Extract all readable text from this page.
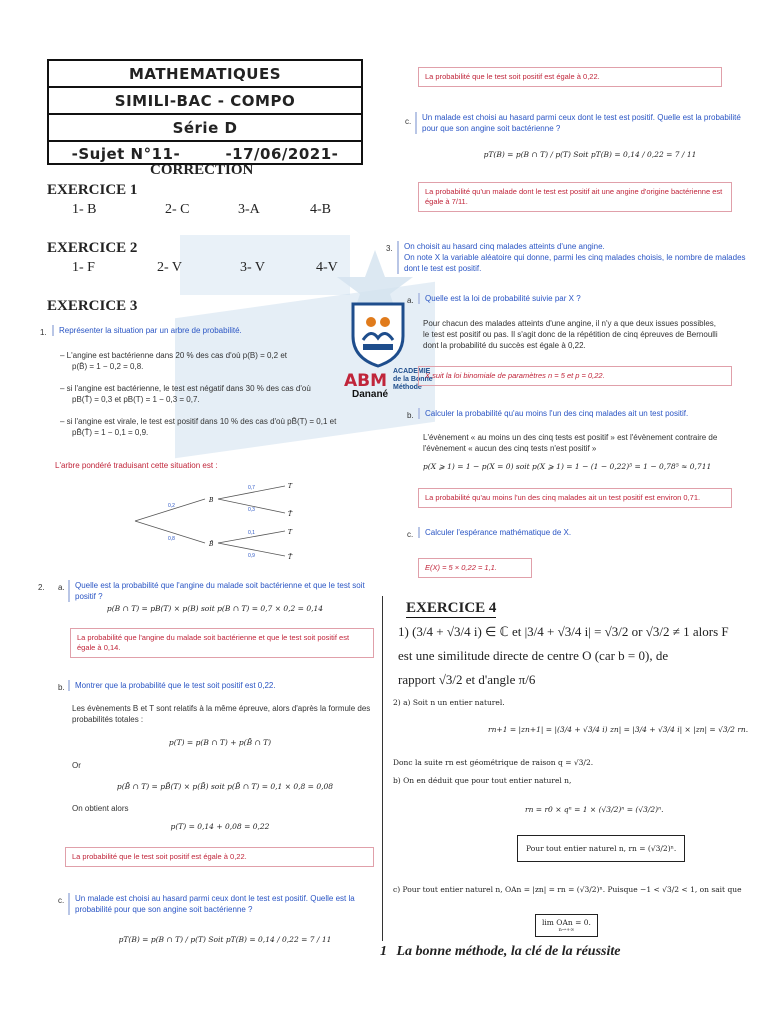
MATHEMATIQUES
SIMILI-BAC - COMPO
Série D
-Sujet N°11-	-17/06/2021-
CORRECTION
EXERCICE 1
1- B	2- C	3-A	4-B
EXERCICE 2
1- F	2- V	3- V	4-V
EXERCICE 3
1.	Représenter la situation par un arbre de probabilité.
– L'angine est bactérienne dans 20 % des cas d'où p(B) = 0,2 et
p(B̄) = 1 − 0,2 = 0,8.
– si l'angine est bactérienne, le test est négatif dans 30 % des cas d'où
pB(T̄) = 0,3 et pB(T) = 1 − 0,3 = 0,7.
– si l'angine est virale, le test est positif dans 10 % des cas d'où pB̄(T) = 0,1 et
pB̄(T̄) = 1 − 0,1 = 0,9.
L'arbre pondéré traduisant cette situation est :
B
B̄
T
T̄
T
T̄
0,2
0,8
0,7
0,3
0,1
0,9
2. a.	Quelle est la probabilité que l'angine du malade soit bactérienne et que le test soit positif ?
p(B ∩ T) = pB(T) × p(B) soit p(B ∩ T) = 0,7 × 0,2 = 0,14
La probabilité que l'angine du malade soit bactérienne et que le test soit positif est égale à 0,14.
b.	Montrer que la probabilité que le test soit positif est 0,22.
Les évènements B et T sont relatifs à la même épreuve, alors d'après la formule des probabilités totales :
p(T) = p(B ∩ T) + p(B̄ ∩ T)
Or
p(B̄ ∩ T) = pB̄(T) × p(B̄) soit p(B̄ ∩ T) = 0,1 × 0,8 = 0,08
On obtient alors
p(T) = 0,14 + 0,08 = 0,22
La probabilité que le test soit positif est égale à 0,22.
c.	Un malade est choisi au hasard parmi ceux dont le test est positif. Quelle est la probabilité pour que son angine soit bactérienne ?
pT(B) = p(B ∩ T) / p(T) Soit pT(B) = 0,14 / 0,22 = 7 / 11
ABM ACADEMIE
de la Bonne
Méthode
Danané
La probabilité que le test soit positif est égale à 0,22.
c.	Un malade est choisi au hasard parmi ceux dont le test est positif. Quelle est la probabilité pour que son angine soit bactérienne ?
pT(B) = p(B ∩ T) / p(T) Soit pT(B) = 0,14 / 0,22 = 7 / 11
La probabilité qu'un malade dont le test est positif ait une angine d'origine bactérienne est égale à 7/11.
3. On choisit au hasard cinq malades atteints d'une angine.
On note X la variable aléatoire qui donne, parmi les cinq malades choisis, le nombre de malades dont le test est positif.
a.	Quelle est la loi de probabilité suivie par X ?
Pour chacun des malades atteints d'une angine, il n'y a que deux issues possibles, le test est positif ou pas. Il s'agit donc de la répétition de cinq épreuves de Bernoulli dont la probabilité du succès est égale à 0,22.
X suit la loi binomiale de paramètres n = 5 et p = 0,22.
b.	Calculer la probabilité qu'au moins l'un des cinq malades ait un test positif.
L'évènement « au moins un des cinq tests est positif » est l'évènement contraire de l'évènement « aucun des cinq tests n'est positif »
p(X ⩾ 1) = 1 − p(X = 0) soit p(X ⩾ 1) = 1 − (1 − 0,22)⁵ = 1 − 0,78⁵ ≈ 0,711
La probabilité qu'au moins l'un des cinq malades ait un test positif est environ 0,71.
c.	Calculer l'espérance mathématique de X.
E(X) = 5 × 0,22 = 1,1.
EXERCICE 4
1) (3/4 + √3/4 i) ∈ ℂ et |3/4 + √3/4 i| = √3/2 or √3/2 ≠ 1 alors F
est une similitude directe de centre O (car b = 0), de
rapport √3/2 et d'angle π/6
2) a) Soit n un entier naturel.
rn+1 = |zn+1| = |(3/4 + √3/4 i) zn| = |3/4 + √3/4 i| × |zn| = √3/2 rn.
Donc la suite rn est géométrique de raison q = √3/2.
b) On en déduit que pour tout entier naturel n,
rn = r0 × qⁿ = 1 × (√3/2)ⁿ = (√3/2)ⁿ.
Pour tout entier naturel n, rn = (√3/2)ⁿ.
c) Pour tout entier naturel n, OAn = |zn| = rn = (√3/2)ⁿ. Puisque −1 < √3/2 < 1, on sait que
lim OAn = 0.
n→+∞
1 La bonne méthode, la clé de la réussite
